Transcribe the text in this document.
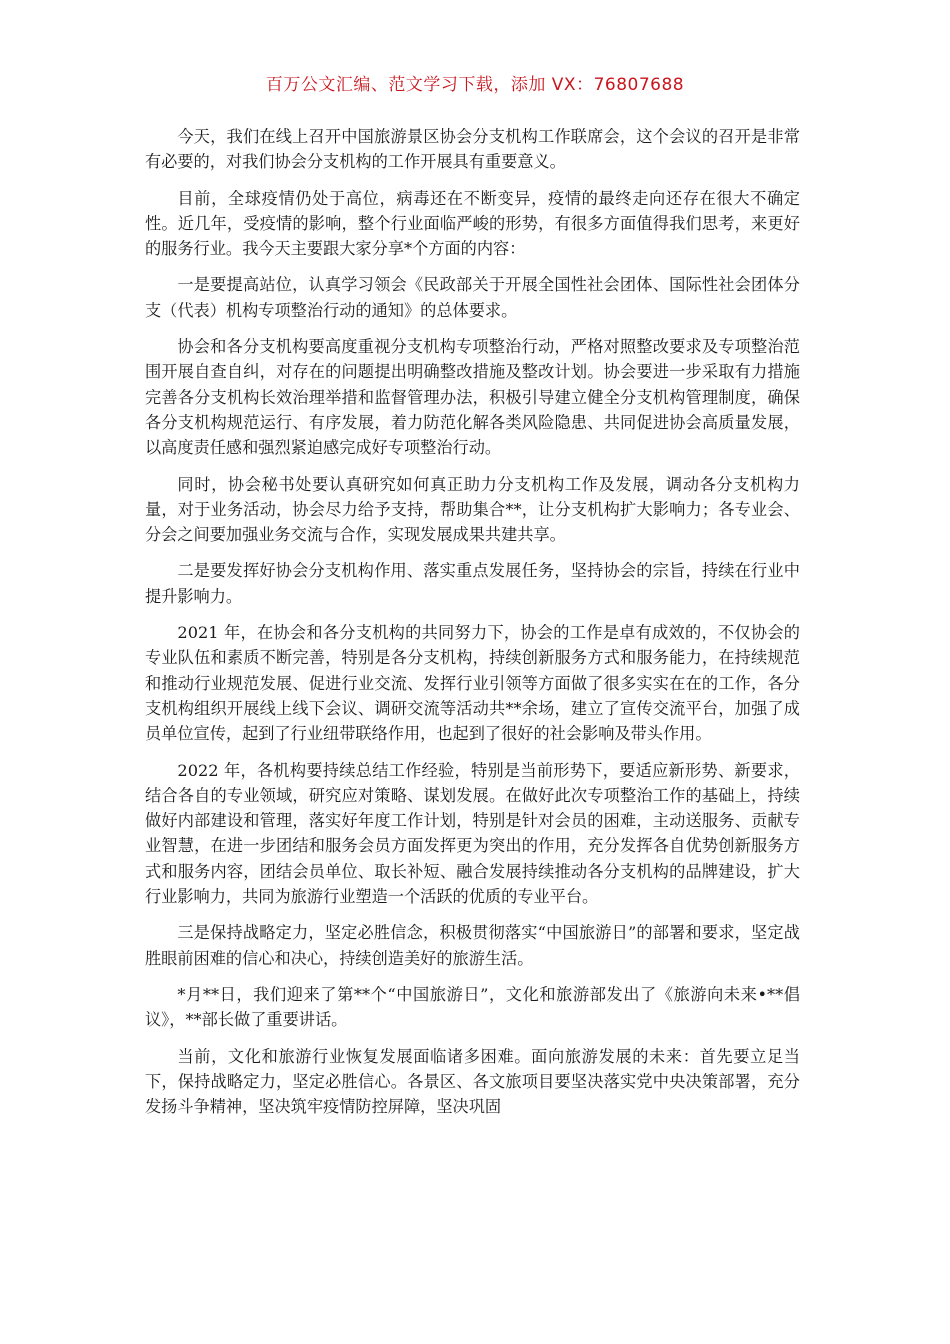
百万公文汇编、范文学习下载，添加 VX：76807688

今天，我们在线上召开中国旅游景区协会分支机构工作联席会，这个会议的召开是非常有必要的，对我们协会分支机构的工作开展具有重要意义。

目前，全球疫情仍处于高位，病毒还在不断变异，疫情的最终走向还存在很大不确定性。近几年，受疫情的影响，整个行业面临严峻的形势，有很多方面值得我们思考，来更好的服务行业。我今天主要跟大家分享*个方面的内容：

一是要提高站位，认真学习领会《民政部关于开展全国性社会团体、国际性社会团体分支（代表）机构专项整治行动的通知》的总体要求。

协会和各分支机构要高度重视分支机构专项整治行动，严格对照整改要求及专项整治范围开展自查自纠，对存在的问题提出明确整改措施及整改计划。协会要进一步采取有力措施完善各分支机构长效治理举措和监督管理办法，积极引导建立健全分支机构管理制度，确保各分支机构规范运行、有序发展，着力防范化解各类风险隐患、共同促进协会高质量发展，以高度责任感和强烈紧迫感完成好专项整治行动。

同时，协会秘书处要认真研究如何真正助力分支机构工作及发展，调动各分支机构力量，对于业务活动，协会尽力给予支持，帮助集合**，让分支机构扩大影响力；各专业会、分会之间要加强业务交流与合作，实现发展成果共建共享。

二是要发挥好协会分支机构作用、落实重点发展任务，坚持协会的宗旨，持续在行业中提升影响力。

2021 年，在协会和各分支机构的共同努力下，协会的工作是卓有成效的，不仅协会的专业队伍和素质不断完善，特别是各分支机构，持续创新服务方式和服务能力，在持续规范和推动行业规范发展、促进行业交流、发挥行业引领等方面做了很多实实在在的工作，各分支机构组织开展线上线下会议、调研交流等活动共**余场，建立了宣传交流平台，加强了成员单位宣传，起到了行业纽带联络作用，也起到了很好的社会影响及带头作用。

2022 年，各机构要持续总结工作经验，特别是当前形势下，要适应新形势、新要求，结合各自的专业领域，研究应对策略、谋划发展。在做好此次专项整治工作的基础上，持续做好内部建设和管理，落实好年度工作计划，特别是针对会员的困难，主动送服务、贡献专业智慧，在进一步团结和服务会员方面发挥更为突出的作用，充分发挥各自优势创新服务方式和服务内容，团结会员单位、取长补短、融合发展持续推动各分支机构的品牌建设，扩大行业影响力，共同为旅游行业塑造一个活跃的优质的专业平台。

三是保持战略定力，坚定必胜信念，积极贯彻落实“中国旅游日”的部署和要求，坚定战胜眼前困难的信心和决心，持续创造美好的旅游生活。

*月**日，我们迎来了第**个“中国旅游日”，文化和旅游部发出了《旅游向未来•**倡议》，**部长做了重要讲话。

当前，文化和旅游行业恢复发展面临诸多困难。面向旅游发展的未来：首先要立足当下，保持战略定力，坚定必胜信心。各景区、各文旅项目要坚决落实党中央决策部署，充分发扬斗争精神，坚决筑牢疫情防控屏障，坚决巩固
